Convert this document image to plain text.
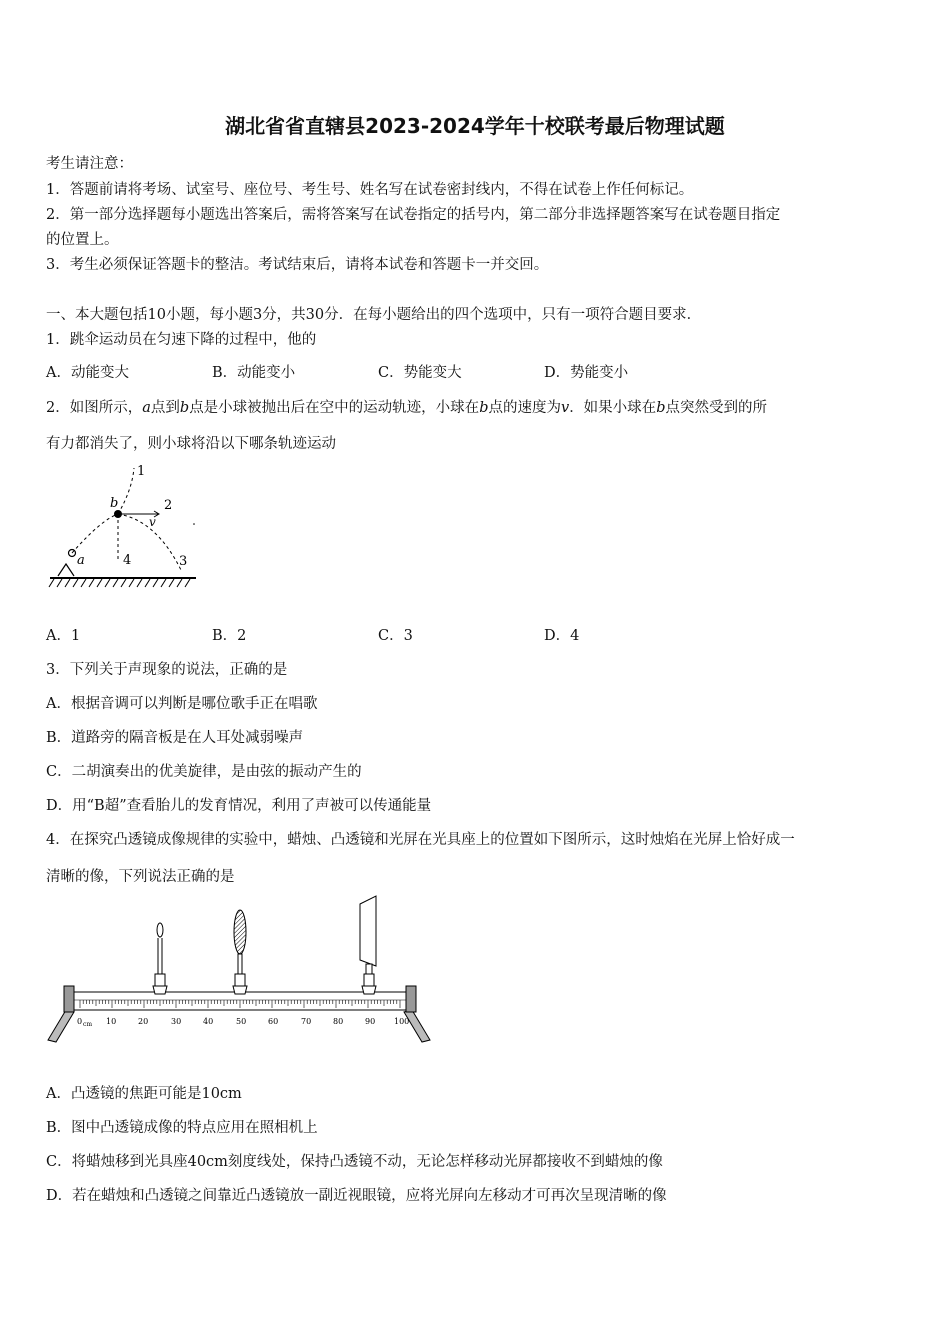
湖北省省直辖县2023-2024学年十校联考最后物理试题
考生请注意：
1．答题前请将考场、试室号、座位号、考生号、姓名写在试卷密封线内，不得在试卷上作任何标记。
2．第一部分选择题每小题选出答案后，需将答案写在试卷指定的括号内，第二部分非选择题答案写在试卷题目指定
的位置上。
3．考生必须保证答题卡的整洁。考试结束后，请将本试卷和答题卡一并交回。
一、本大题包括10小题，每小题3分，共30分．在每小题给出的四个选项中，只有一项符合题目要求．
1．跳伞运动员在匀速下降的过程中，他的
A．动能变大	B．动能变小	C．势能变大	D．势能变小
2．如图所示，a点到b点是小球被抛出后在空中的运动轨迹，小球在b点的速度为v．如果小球在b点突然受到的所
有力都消失了，则小球将沿以下哪条轨迹运动
a
b
v
1
2
3
4
A．1	B．2	C．3	D．4
3．下列关于声现象的说法，正确的是
A．根据音调可以判断是哪位歌手正在唱歌
B．道路旁的隔音板是在人耳处减弱噪声
C．二胡演奏出的优美旋律，是由弦的振动产生的
D．用“B超”查看胎儿的发育情况，利用了声被可以传通能量
4．在探究凸透镜成像规律的实验中，蜡烛、凸透镜和光屏在光具座上的位置如下图所示，这时烛焰在光屏上恰好成一
清晰的像，下列说法正确的是
0 cm 10	20	30	40	50	60	70	80	90 100
A．凸透镜的焦距可能是10cm
B．图中凸透镜成像的特点应用在照相机上
C．将蜡烛移到光具座40cm刻度线处，保持凸透镜不动，无论怎样移动光屏都接收不到蜡烛的像
D．若在蜡烛和凸透镜之间靠近凸透镜放一副近视眼镜，应将光屏向左移动才可再次呈现清晰的像
